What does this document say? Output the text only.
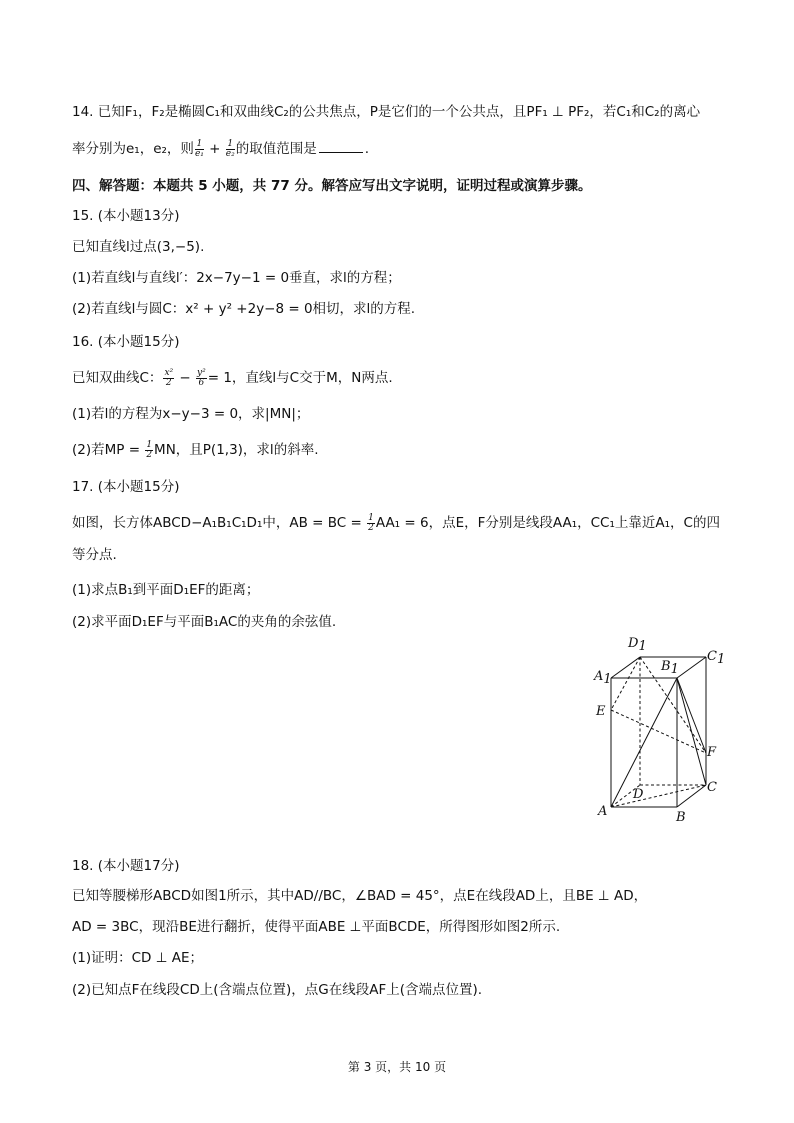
14. 已知F₁，F₂是椭圆C₁和双曲线C₂的公共焦点，P是它们的一个公共点，且PF₁ ⊥ PF₂，若C₁和C₂的离心
率分别为e₁，e₂，则 $\frac{1}{\text{e₁}} + \frac{1}{\text{e₂}}$ 的取值范围是	.
四、解答题：本题共 5 小题，共 77 分。解答应写出文字说明，证明过程或演算步骤。
15. (本小题13分)
已知直线l过点(3,−5).
(1)若直线l与直线l′：2x−7y−1 = 0垂直，求l的方程；
(2)若直线l与圆C：x² + y² +2y−8 = 0相切，求l的方程.
16. (本小题15分)
已知双曲线C： $\frac{\text{x²}}{2} - \frac{\text{y²}}{6} = 1$，直线l与C交于M，N两点.
(1)若l的方程为x−y−3 = 0，求|MN|；
(2)若MP = $\frac{1}{2}$ MN，且P(1,3)，求l的斜率.
17. (本小题15分)
如图，长方体ABCD−A₁B₁C₁D₁中，AB = BC = $\frac{1}{2} AA_1 = 6$，点E，F分别是线段AA₁，CC₁上靠近A₁，C的四
等分点.
(1)求点B₁到平面D₁EF的距离；
(2)求平面D₁EF与平面B₁AC的夹角的余弦值.
D1
B1
C1
A1
E
F
D	C
A	B
18. (本小题17分)
已知等腰梯形ABCD如图1所示，其中AD//BC，∠BAD = 45°，点E在线段AD上，且BE ⊥ AD，
AD = 3BC，现沿BE进行翻折，使得平面ABE ⊥平面BCDE，所得图形如图2所示.
(1)证明：CD ⊥ AE；
(2)已知点F在线段CD上(含端点位置)，点G在线段AF上(含端点位置).
第 3 页，共 10 页
